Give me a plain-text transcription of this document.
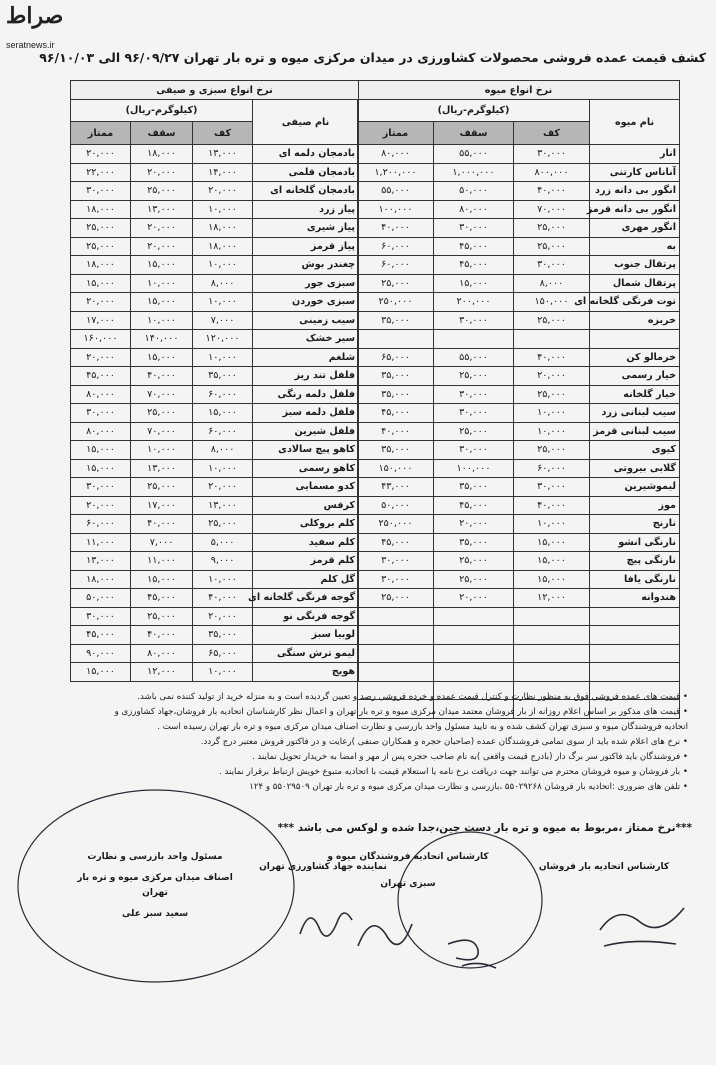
صراط
seratnews.ir
کشف قیمت عمده فروشی محصولات کشاورزی در میدان مرکزی میوه و تره بار تهران ۹۶/۰۹/۲۷ الی ۹۶/۱۰/۰۳
نرخ انواع میوه			
نام میوه	(کیلوگرم-ریال)		
	کف	سقف	ممتاز
انار	۳۰,۰۰۰	۵۵,۰۰۰	۸۰,۰۰۰
آناناس کارتنی	۸۰۰,۰۰۰	۱,۰۰۰,۰۰۰	۱,۲۰۰,۰۰۰
انگور بی دانه زرد	۴۰,۰۰۰	۵۰,۰۰۰	۵۵,۰۰۰
انگور بی دانه قرمز	۷۰,۰۰۰	۸۰,۰۰۰	۱۰۰,۰۰۰
انگور مهری	۲۵,۰۰۰	۳۰,۰۰۰	۴۰,۰۰۰
به	۲۵,۰۰۰	۴۵,۰۰۰	۶۰,۰۰۰
پرتقال جنوب	۳۰,۰۰۰	۴۵,۰۰۰	۶۰,۰۰۰
پرتقال شمال	۸,۰۰۰	۱۵,۰۰۰	۲۵,۰۰۰
توت فرنگی گلخانه ای	۱۵۰,۰۰۰	۲۰۰,۰۰۰	۲۵۰,۰۰۰
خربزه	۲۵,۰۰۰	۳۰,۰۰۰	۳۵,۰۰۰

خرمالو کن	۴۰,۰۰۰	۵۵,۰۰۰	۶۵,۰۰۰
خیار رسمی	۲۰,۰۰۰	۲۵,۰۰۰	۳۵,۰۰۰
خیار گلخانه	۲۵,۰۰۰	۳۰,۰۰۰	۳۵,۰۰۰
سیب لبنانی زرد	۱۰,۰۰۰	۳۰,۰۰۰	۴۵,۰۰۰
سیب لبنانی قرمز	۱۰,۰۰۰	۲۵,۰۰۰	۴۰,۰۰۰
کیوی	۲۵,۰۰۰	۳۰,۰۰۰	۳۵,۰۰۰
گلابی بیروتی	۶۰,۰۰۰	۱۰۰,۰۰۰	۱۵۰,۰۰۰
لیموشیرین	۳۰,۰۰۰	۳۵,۰۰۰	۴۳,۰۰۰
موز	۴۰,۰۰۰	۴۵,۰۰۰	۵۰,۰۰۰
نارنج	۱۰,۰۰۰	۲۰,۰۰۰	۲۵۰,۰۰۰
نارنگی انشو	۱۵,۰۰۰	۳۵,۰۰۰	۴۵,۰۰۰
نارنگی پیچ	۱۵,۰۰۰	۲۵,۰۰۰	۳۰,۰۰۰
نارنگی یافا	۱۵,۰۰۰	۲۵,۰۰۰	۳۰,۰۰۰
هندوانه	۱۲,۰۰۰	۲۰,۰۰۰	۲۵,۰۰۰

نرخ انواع سبزی و صیفی			
نام صیفی	(کیلوگرم-ریال)		
	کف	سقف	ممتاز
بادمجان دلمه ای	۱۳,۰۰۰	۱۸,۰۰۰	۲۰,۰۰۰
بادمجان قلمی	۱۴,۰۰۰	۲۰,۰۰۰	۲۲,۰۰۰
بادمجان گلخانه ای	۲۰,۰۰۰	۲۵,۰۰۰	۳۰,۰۰۰
پیاز زرد	۱۰,۰۰۰	۱۳,۰۰۰	۱۸,۰۰۰
پیاز شیری	۱۸,۰۰۰	۲۰,۰۰۰	۲۵,۰۰۰
پیاز قرمز	۱۸,۰۰۰	۲۰,۰۰۰	۲۵,۰۰۰
چغندر بوش	۱۰,۰۰۰	۱۵,۰۰۰	۱۸,۰۰۰
سبزی جور	۸,۰۰۰	۱۰,۰۰۰	۱۵,۰۰۰
سبزی خوردن	۱۰,۰۰۰	۱۵,۰۰۰	۲۰,۰۰۰
سیب زمینی	۷,۰۰۰	۱۰,۰۰۰	۱۷,۰۰۰
سیر خشک	۱۲۰,۰۰۰	۱۴۰,۰۰۰	۱۶۰,۰۰۰
شلغم	۱۰,۰۰۰	۱۵,۰۰۰	۲۰,۰۰۰
فلفل تند ریز	۳۵,۰۰۰	۴۰,۰۰۰	۴۵,۰۰۰
فلفل دلمه رنگی	۶۰,۰۰۰	۷۰,۰۰۰	۸۰,۰۰۰
فلفل دلمه سبز	۱۵,۰۰۰	۲۵,۰۰۰	۳۰,۰۰۰
فلفل شیرین	۶۰,۰۰۰	۷۰,۰۰۰	۸۰,۰۰۰
کاهو پیچ سالادی	۸,۰۰۰	۱۰,۰۰۰	۱۵,۰۰۰
کاهو رسمی	۱۰,۰۰۰	۱۳,۰۰۰	۱۵,۰۰۰
کدو مسمایی	۲۰,۰۰۰	۲۵,۰۰۰	۳۰,۰۰۰
کرفس	۱۳,۰۰۰	۱۷,۰۰۰	۲۰,۰۰۰
کلم بروکلی	۲۵,۰۰۰	۴۰,۰۰۰	۶۰,۰۰۰
کلم سفید	۵,۰۰۰	۷,۰۰۰	۱۱,۰۰۰
کلم قرمز	۹,۰۰۰	۱۱,۰۰۰	۱۳,۰۰۰
گل کلم	۱۰,۰۰۰	۱۵,۰۰۰	۱۸,۰۰۰
گوجه فرنگی گلخانه ای	۴۰,۰۰۰	۴۵,۰۰۰	۵۰,۰۰۰
گوجه فرنگی نو	۲۰,۰۰۰	۲۵,۰۰۰	۳۰,۰۰۰
لوبیا سبز	۳۵,۰۰۰	۴۰,۰۰۰	۴۵,۰۰۰
لیمو ترش سنگی	۶۵,۰۰۰	۸۰,۰۰۰	۹۰,۰۰۰
هویج	۱۰,۰۰۰	۱۲,۰۰۰	۱۵,۰۰۰
• قیمت های عمده فروشی فوق به منظور نظارت و کنترل قیمت عمده و خرده فروشی رصد و تعیین گردیده است و به منزله خرید از تولید کننده نمی باشد.
• قیمت های مذکور بر اساس اعلام روزانه از بار فروشان معتمد میدان مرکزی میوه و تره بار تهران و اعمال نظر کارشناسان اتحادیه بار فروشان،جهاد کشاورزی و
اتحادیه فروشندگان میوه و سبزی تهران کشف شده و به تایید مسئول واحد بازرسی و نظارت اصناف میدان مرکزی میوه و تره بار تهران رسیده است .
• نرخ های اعلام شده باید از سوی تمامی فروشندگان عمده (صاحبان حجره و همکاران صنفی )رعایت و در فاکتور فروش معتبر درج گردد.
• فروشندگان باید فاکتور سر برگ دار (بادرج قیمت واقعی )به نام صاحب حجره پس از مهر و امضا به خریدار تحویل نمایند .
• بار فروشان و میوه فروشان محترم می توانند جهت دریافت نرخ نامه یا استعلام قیمت با اتحادیه متبوع خویش ارتباط برقرار نمایند .
• تلفن های ضروری :اتحادیه بار فروشان ۵۵۰۲۹۲۶۸ ،بازرسی و نظارت میدان مرکزی میوه و تره بار تهران ۵۵۰۲۹۵۰۹ و ۱۲۴
***نرخ ممتاز ،مربوط به میوه و تره بار دست چین،جدا شده و لوکس می باشد ***
کارشناس اتحادیه بار فروشان
کارشناس اتحادیه فروشندگان میوه و
سبزی تهران
نماینده جهاد کشاورزی تهران
مسئول واحد بازرسی و نظارت
اصناف میدان مرکزی میوه و تره بار تهران
سعید سبز علی
